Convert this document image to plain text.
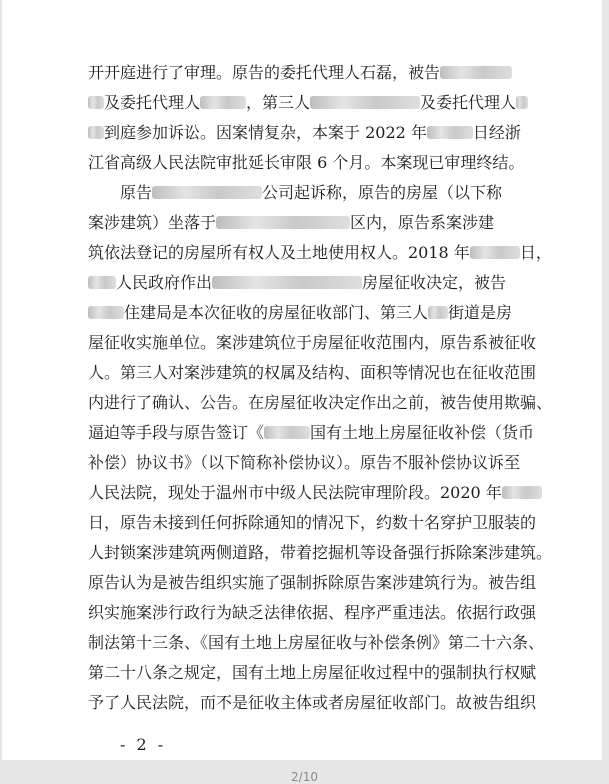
开开庭进行了审理。原告的委托代理人石磊，被告
及委托代理人	，第三人	及委托代理人
到庭参加诉讼。因案情复杂，本案于 2022 年	日经浙
江省高级人民法院审批延长审限 6 个月。本案现已审理终结。
原告	公司起诉称，原告的房屋（以下称
案涉建筑）坐落于	区内，原告系案涉建
筑依法登记的房屋所有权人及土地使用权人。2018 年	日，
人民政府作出	房屋征收决定，被告
住建局是本次征收的房屋征收部门、第三人 街道是房
屋征收实施单位。案涉建筑位于房屋征收范围内，原告系被征收
人。第三人对案涉建筑的权属及结构、面积等情况也在征收范围
内进行了确认、公告。在房屋征收决定作出之前，被告使用欺骗、
逼迫等手段与原告签订《	国有土地上房屋征收补偿（货币
补偿）协议书》（以下简称补偿协议）。原告不服补偿协议诉至
人民法院，现处于温州市中级人民法院审理阶段。2020 年
日，原告未接到任何拆除通知的情况下，约数十名穿护卫服装的
人封锁案涉建筑两侧道路，带着挖掘机等设备强行拆除案涉建筑。
原告认为是被告组织实施了强制拆除原告案涉建筑行为。被告组
织实施案涉行政行为缺乏法律依据、程序严重违法。依据行政强
制法第十三条、《国有土地上房屋征收与补偿条例》第二十六条、
第二十八条之规定，国有土地上房屋征收过程中的强制执行权赋
予了人民法院，而不是征收主体或者房屋征收部门。故被告组织
- 2 -
2/10
